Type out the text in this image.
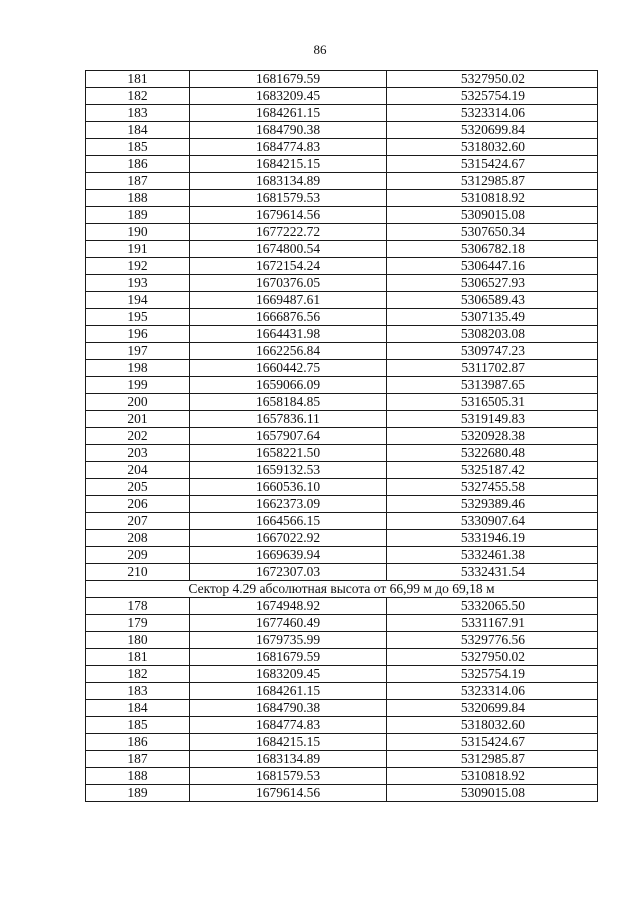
86
181	1681679.59	5327950.02
182	1683209.45	5325754.19
183	1684261.15	5323314.06
184	1684790.38	5320699.84
185	1684774.83	5318032.60
186	1684215.15	5315424.67
187	1683134.89	5312985.87
188	1681579.53	5310818.92
189	1679614.56	5309015.08
190	1677222.72	5307650.34
191	1674800.54	5306782.18
192	1672154.24	5306447.16
193	1670376.05	5306527.93
194	1669487.61	5306589.43
195	1666876.56	5307135.49
196	1664431.98	5308203.08
197	1662256.84	5309747.23
198	1660442.75	5311702.87
199	1659066.09	5313987.65
200	1658184.85	5316505.31
201	1657836.11	5319149.83
202	1657907.64	5320928.38
203	1658221.50	5322680.48
204	1659132.53	5325187.42
205	1660536.10	5327455.58
206	1662373.09	5329389.46
207	1664566.15	5330907.64
208	1667022.92	5331946.19
209	1669639.94	5332461.38
210	1672307.03	5332431.54
Сектор 4.29 абсолютная высота от 66,99 м до 69,18 м		
178	1674948.92	5332065.50
179	1677460.49	5331167.91
180	1679735.99	5329776.56
181	1681679.59	5327950.02
182	1683209.45	5325754.19
183	1684261.15	5323314.06
184	1684790.38	5320699.84
185	1684774.83	5318032.60
186	1684215.15	5315424.67
187	1683134.89	5312985.87
188	1681579.53	5310818.92
189	1679614.56	5309015.08
